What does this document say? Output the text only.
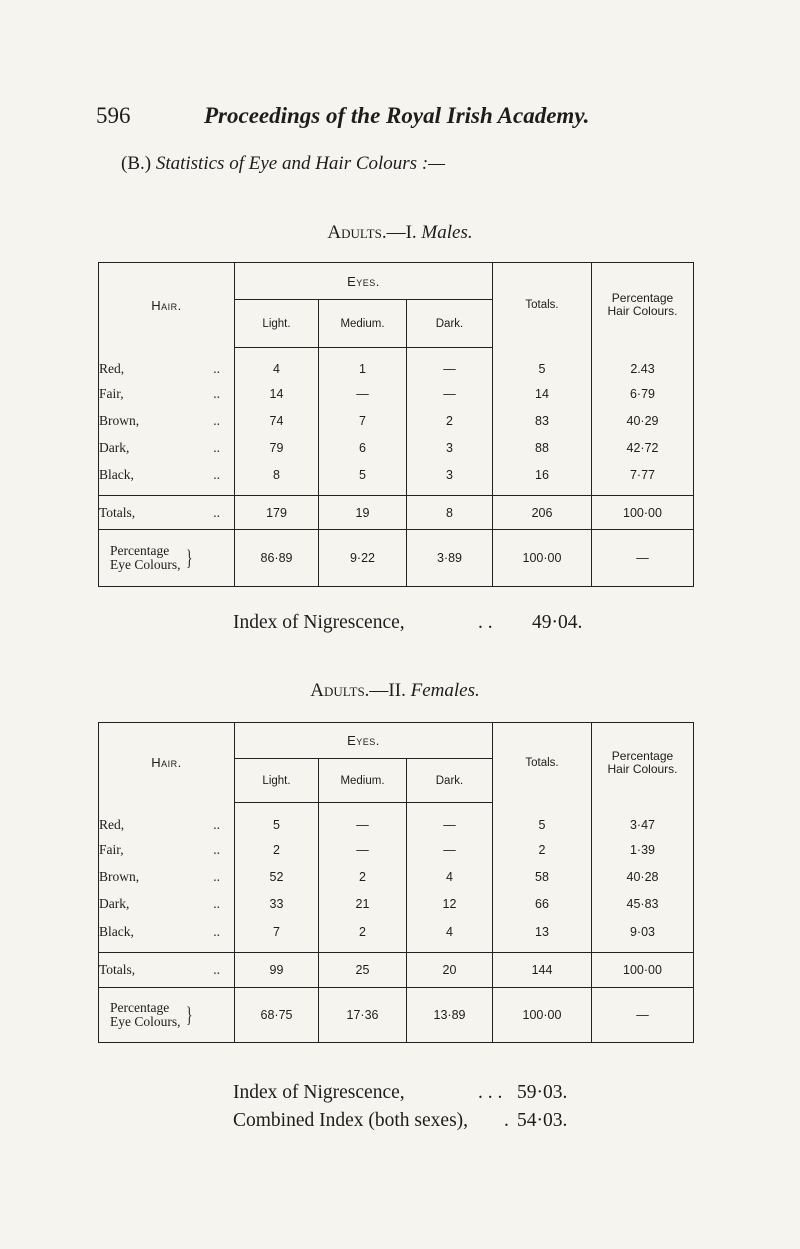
596	Proceedings of the Royal Irish Academy.
(B.) Statistics of Eye and Hair Colours :—
Adults.—I. Males.
Hair.	Eyes.			Totals.	Percentage
Hair Colours.

	Light.	Medium.	Dark.		

Red, ..	4	1	—	5	2.43

Fair, ..	14	—	—	14	6·79

Brown, ..	74	7	2	83	40·29

Dark, ..	79	6	3	88	42·72

Black, ..	8	5	3	16	7·77

Totals, ..	179	19	8	206	100·00

Percentage
Eye Colours, }	86·89	9·22	3·89	100·00	—
Index of Nigrescence,	. . 49·04.
Adults.—II. Females.
Hair.	Eyes.			Totals.	Percentage
Hair Colours.

	Light.	Medium.	Dark.		

Red, ..	5	—	—	5	3·47

Fair, ..	2	—	—	2	1·39

Brown, ..	52	2	4	58	40·28

Dark, ..	33	21	12	66	45·83

Black, ..	7	2	4	13	9·03

Totals, ..	99	25	20	144	100·00

Percentage
Eye Colours, }	68·75	17·36	13·89	100·00	—
Index of Nigrescence,	. . . 59·03.
Combined Index (both sexes), . 54·03.
